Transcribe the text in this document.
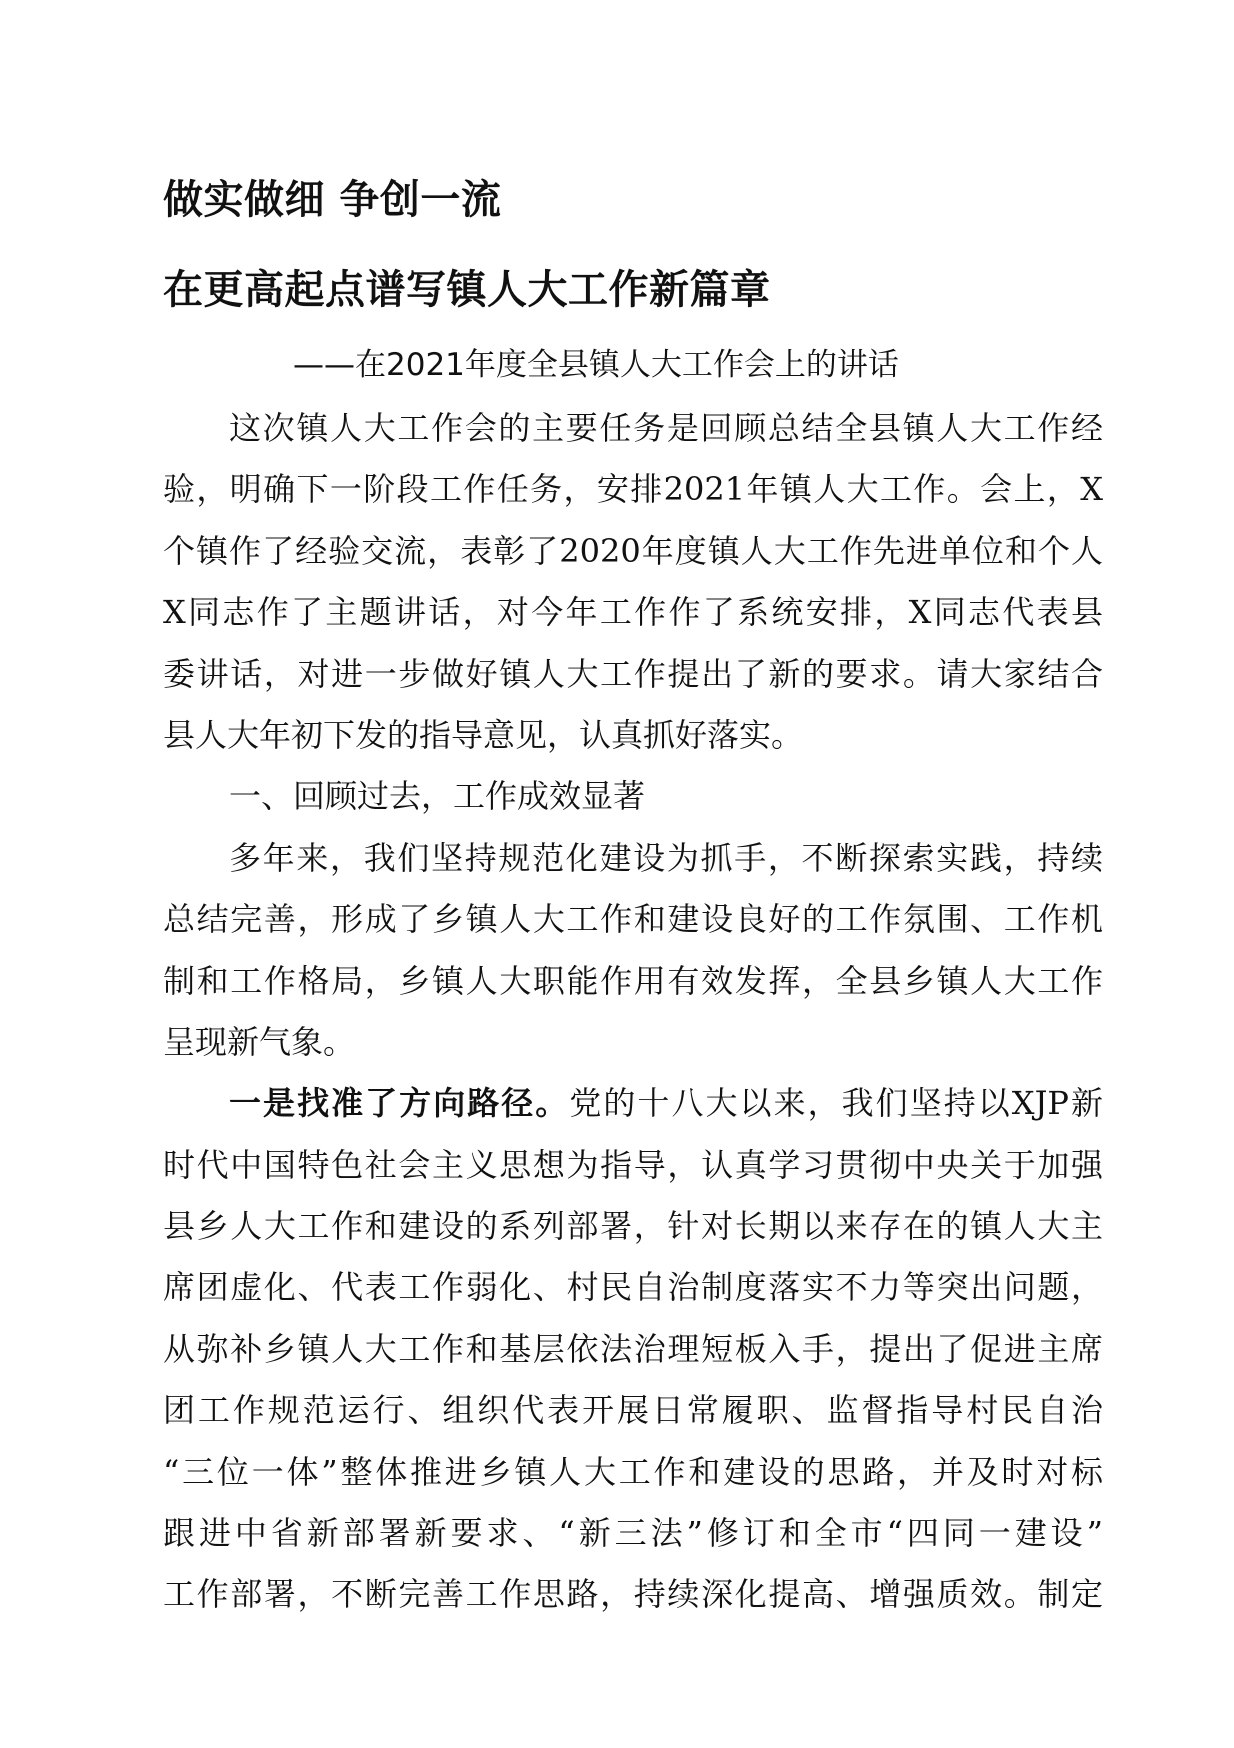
做实做细 争创一流
在更高起点谱写镇人大工作新篇章
——在2021年度全县镇人大工作会上的讲话
这次镇人大工作会的主要任务是回顾总结全县镇人大工作经
验，明确下一阶段工作任务，安排2021年镇人大工作。会上，X
个镇作了经验交流，表彰了2020年度镇人大工作先进单位和个人
X同志作了主题讲话，对今年工作作了系统安排，X同志代表县
委讲话，对进一步做好镇人大工作提出了新的要求。请大家结合
县人大年初下发的指导意见，认真抓好落实。
一、回顾过去，工作成效显著
多年来，我们坚持规范化建设为抓手，不断探索实践，持续
总结完善，形成了乡镇人大工作和建设良好的工作氛围、工作机
制和工作格局，乡镇人大职能作用有效发挥，全县乡镇人大工作
呈现新气象。
一是找准了方向路径。党的十八大以来，我们坚持以XJP新
时代中国特色社会主义思想为指导，认真学习贯彻中央关于加强
县乡人大工作和建设的系列部署，针对长期以来存在的镇人大主
席团虚化、代表工作弱化、村民自治制度落实不力等突出问题，
从弥补乡镇人大工作和基层依法治理短板入手，提出了促进主席
团工作规范运行、组织代表开展日常履职、监督指导村民自治
“三位一体”整体推进乡镇人大工作和建设的思路，并及时对标
跟进中省新部署新要求、“新三法”修订和全市“四同一建设”
工作部署，不断完善工作思路，持续深化提高、增强质效。制定
